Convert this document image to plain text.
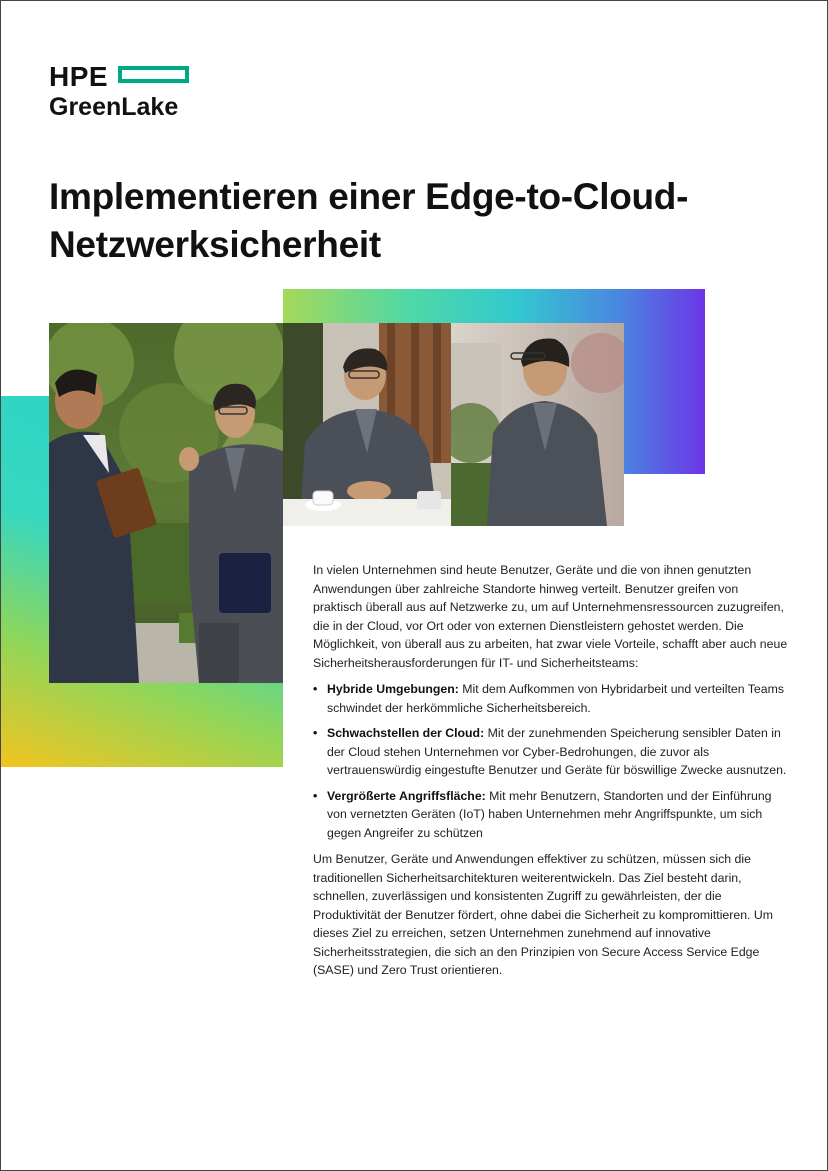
HPE
GreenLake
Implementieren einer Edge-to-Cloud-Netzwerksicherheit

In vielen Unternehmen sind heute Benutzer, Geräte und die von ihnen genutzten Anwendungen über zahlreiche Standorte hinweg verteilt. Benutzer greifen von praktisch überall aus auf Netzwerke zu, um auf Unternehmensressourcen zuzugreifen, die in der Cloud, vor Ort oder von externen Dienstleistern gehostet werden. Die Möglichkeit, von überall aus zu arbeiten, hat zwar viele Vorteile, schafft aber auch neue Sicherheitsherausforderungen für IT- und Sicherheitsteams:

• Hybride Umgebungen: Mit dem Aufkommen von Hybridarbeit und verteilten Teams schwindet der herkömmliche Sicherheitsbereich.
• Schwachstellen der Cloud: Mit der zunehmenden Speicherung sensibler Daten in der Cloud stehen Unternehmen vor Cyber-Bedrohungen, die zuvor als vertrauenswürdig eingestufte Benutzer und Geräte für böswillige Zwecke ausnutzen.
• Vergrößerte Angriffsfläche: Mit mehr Benutzern, Standorten und der Einführung von vernetzten Geräten (IoT) haben Unternehmen mehr Angriffspunkte, um sich gegen Angreifer zu schützen

Um Benutzer, Geräte und Anwendungen effektiver zu schützen, müssen sich die traditionellen Sicherheitsarchitekturen weiterentwickeln. Das Ziel besteht darin, schnellen, zuverlässigen und konsistenten Zugriff zu gewährleisten, der die Produktivität der Benutzer fördert, ohne dabei die Sicherheit zu kompromittieren. Um dieses Ziel zu erreichen, setzen Unternehmen zunehmend auf innovative Sicherheitsstrategien, die sich an den Prinzipien von Secure Access Service Edge (SASE) und Zero Trust orientieren.
